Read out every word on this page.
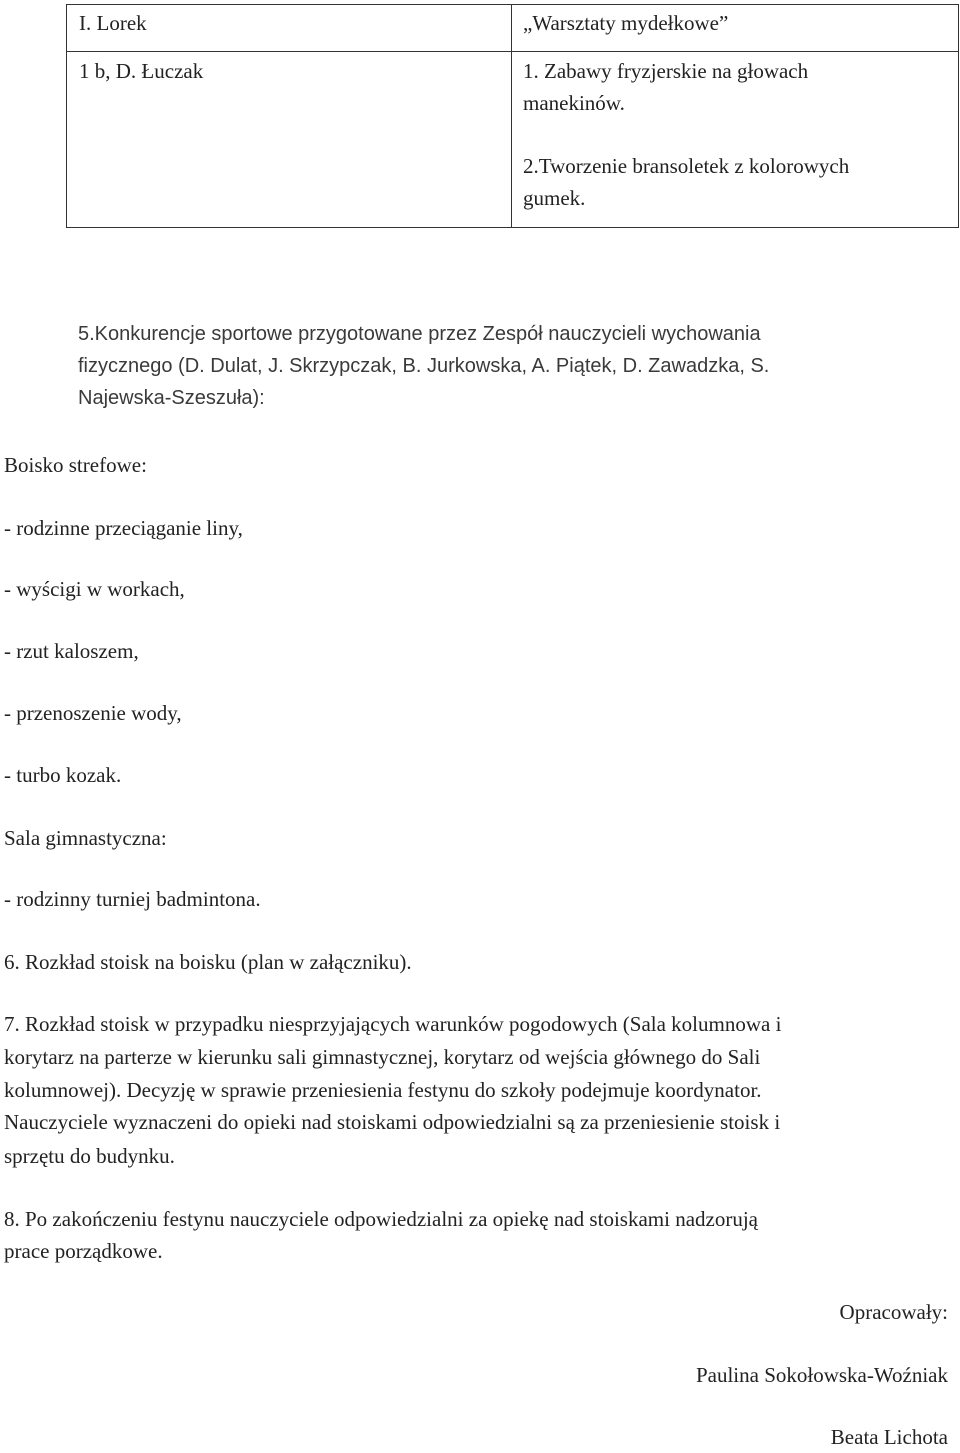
I. Lorek	„Warsztaty mydełkowe”
1 b, D. Łuczak	1. Zabawy fryzjerskie na głowach
manekinów.
2.Tworzenie bransoletek z kolorowych
gumek.
5.Konkurencje sportowe przygotowane przez Zespół nauczycieli wychowania
fizycznego (D. Dulat, J. Skrzypczak, B. Jurkowska, A. Piątek, D. Zawadzka, S.
Najewska-Szeszuła):
Boisko strefowe:
- rodzinne przeciąganie liny,
- wyścigi w workach,
- rzut kaloszem,
- przenoszenie wody,
- turbo kozak.
Sala gimnastyczna:
- rodzinny turniej badmintona.
6. Rozkład stoisk na boisku (plan w załączniku).
7. Rozkład stoisk w przypadku niesprzyjających warunków pogodowych (Sala kolumnowa i
korytarz na parterze w kierunku sali gimnastycznej, korytarz od wejścia głównego do Sali
kolumnowej). Decyzję w sprawie przeniesienia festynu do szkoły podejmuje koordynator.
Nauczyciele wyznaczeni do opieki nad stoiskami odpowiedzialni są za przeniesienie stoisk i
sprzętu do budynku.
8. Po zakończeniu festynu nauczyciele odpowiedzialni za opiekę nad stoiskami nadzorują
prace porządkowe.
Opracowały:
Paulina Sokołowska-Woźniak
Beata Lichota
